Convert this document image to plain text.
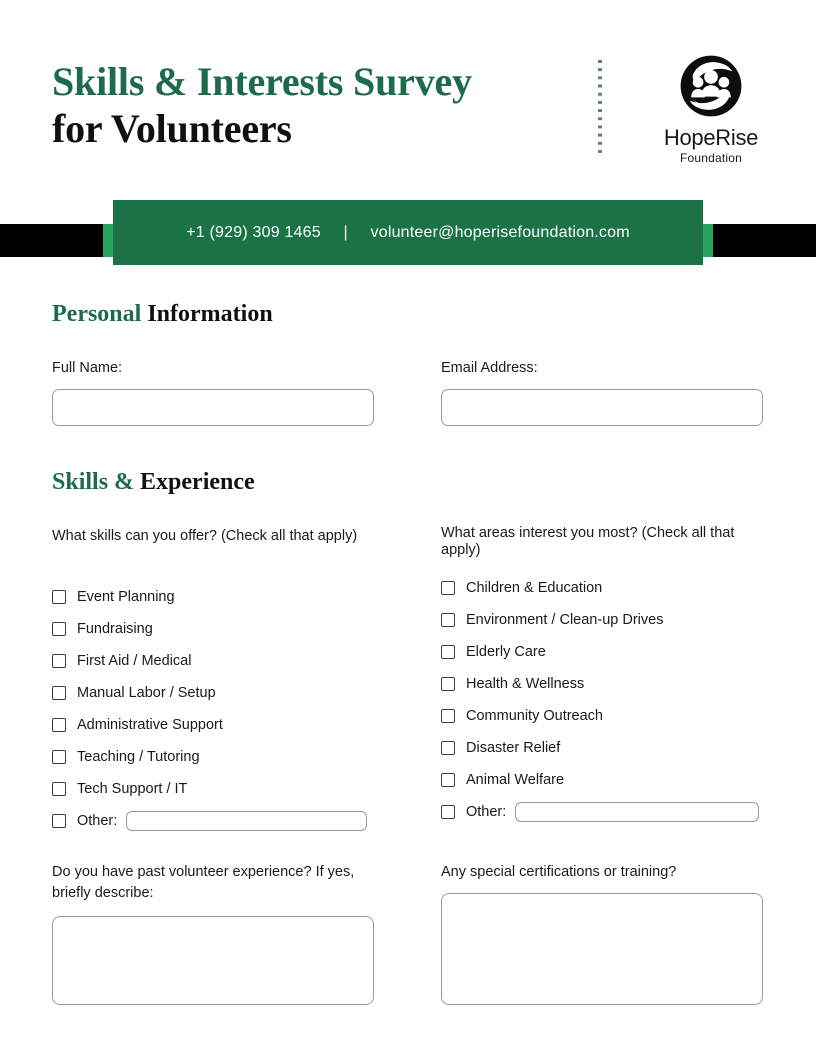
Skills & Interests Survey
for Volunteers	HopeRise
Foundation
+1 (929) 309 1465 | volunteer@hoperisefoundation.com
Personal Information
Full Name:	Email Address:
Skills & Experience
What skills can you offer? (Check all that apply)
Event Planning
Fundraising
First Aid / Medical
Manual Labor / Setup
Administrative Support
Teaching / Tutoring
Tech Support / IT
Other:
What areas interest you most? (Check all that apply)
Children & Education
Environment / Clean-up Drives
Elderly Care
Health & Wellness
Community Outreach
Disaster Relief
Animal Welfare
Other:
Do you have past volunteer experience? If yes, briefly describe:
Any special certifications or training?
